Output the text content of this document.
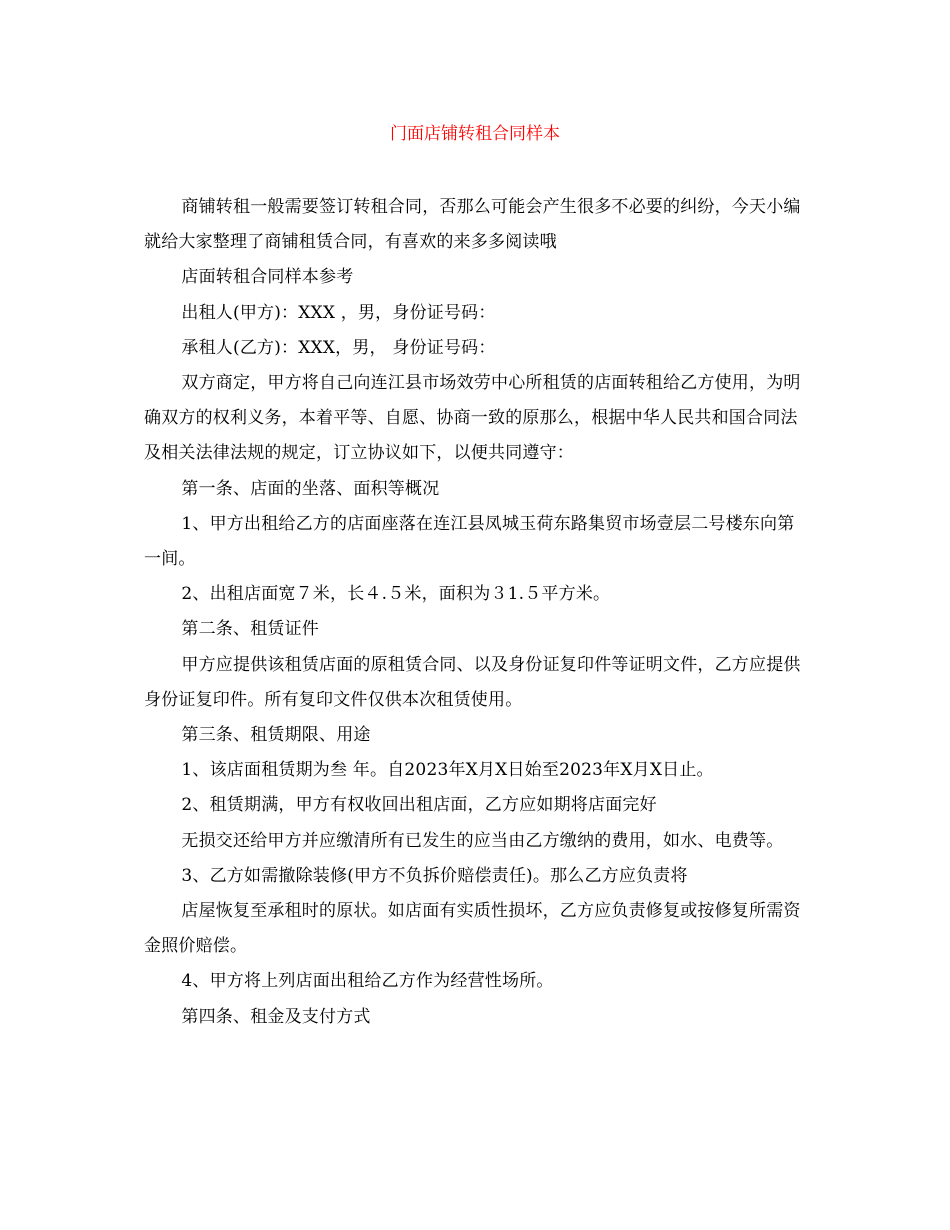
门面店铺转租合同样本

商铺转租一般需要签订转租合同，否那么可能会产生很多不必要的纠纷，今天小编就给大家整理了商铺租赁合同，有喜欢的来多多阅读哦

店面转租合同样本参考

出租人(甲方)：XXX ，男，身份证号码：

承租人(乙方)：XXX，男， 身份证号码：

双方商定，甲方将自己向连江县市场效劳中心所租赁的店面转租给乙方使用，为明确双方的权利义务，本着平等、自愿、协商一致的原那么，根据中华人民共和国合同法及相关法律法规的规定，订立协议如下，以便共同遵守：

第一条、店面的坐落、面积等概况

1、甲方出租给乙方的店面座落在连江县凤城玉荷东路集贸市场壹层二号楼东向第一间。

2、出租店面宽７米，长４.５米，面积为３1.５平方米。

第二条、租赁证件

甲方应提供该租赁店面的原租赁合同、以及身份证复印件等证明文件，乙方应提供身份证复印件。所有复印文件仅供本次租赁使用。

第三条、租赁期限、用途

1、该店面租赁期为叁 年。自2023年X月X日始至2023年X月X日止。

2、租赁期满，甲方有权收回出租店面，乙方应如期将店面完好

无损交还给甲方并应缴清所有已发生的应当由乙方缴纳的费用，如水、电费等。

3、乙方如需撤除装修(甲方不负拆价赔偿责任)。那么乙方应负责将

店屋恢复至承租时的原状。如店面有实质性损坏，乙方应负责修复或按修复所需资金照价赔偿。

4、甲方将上列店面出租给乙方作为经营性场所。

第四条、租金及支付方式
